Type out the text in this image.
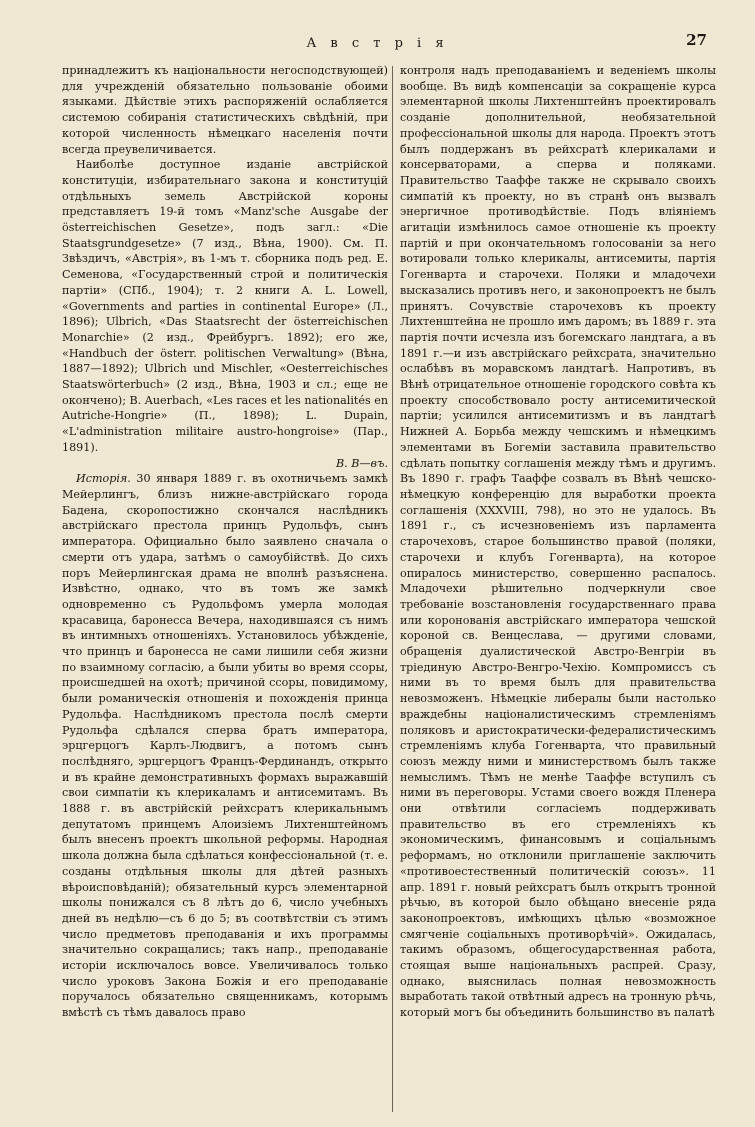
А в с т р і я	27

принадлежитъ къ національности негосподствующей) для учрежденій обязательно пользованіе обоими языками. Дѣйствіе этихъ распоряженій ослабляется системою собиранія статистическихъ свѣдѣній, при которой численность нѣмецкаго населенія почти всегда преувеличивается.

Наиболѣе доступное изданіе австрійской конституціи, избирательнаго закона и конституцій отдѣльныхъ земель Австрійской короны представляетъ 19-й томъ «Manz'sche Ausgabe der österreichischen Gesetze», подъ загл.: «Die Staatsgrundgesetze» (7 изд., Вѣна, 1900). См. П. Звѣздичъ, «Австрія», въ 1-мъ т. сборника подъ ред. Е. Семенова, «Государственный строй и политическія партіи» (СПб., 1904); т. 2 книги A. L. Lowell, «Governments and parties in continental Europe» (Л., 1896); Ulbrich, «Das Staatsrecht der österreichischen Monarchie» (2 изд., Фрейбургъ. 1892); его же, «Handbuch der österr. politischen Verwaltung» (Вѣна, 1887—1892); Ulbrich und Mischler, «Oesterreichisches Staatswörterbuch» (2 изд., Вѣна, 1903 и сл.; еще не окончено); B. Auerbach, «Les races et les nationalités en Autriche-Hongrie» (П., 1898); L. Dupain, «L'administration militaire austro-hongroise» (Пар., 1891).

В. В—въ.

Исторія. 30 января 1889 г. въ охотничьемъ замкѣ Мейерлингъ, близъ нижне-австрійскаго города Бадена, скоропостижно скончался наслѣдникъ австрійскаго престола принцъ Рудольфъ, сынъ императора. Официально было заявлено сначала о смерти отъ удара, затѣмъ о самоубійствѣ. До сихъ поръ Мейерлингская драма не вполнѣ разъяснена. Извѣстно, однако, что въ томъ же замкѣ одновременно съ Рудольфомъ умерла молодая красавица, баронесса Вечера, находившаяся съ нимъ въ интимныхъ отношеніяхъ. Установилось убѣжденіе, что принцъ и баронесса не сами лишили себя жизни по взаимному согласію, а были убиты во время ссоры, происшедшей на охотѣ; причиной ссоры, повидимому, были романическія отношенія и похожденія принца Рудольфа. Наслѣдникомъ престола послѣ смерти Рудольфа сдѣлался сперва братъ императора, эрцгерцогъ Карлъ-Людвигъ, а потомъ сынъ послѣдняго, эрцгерцогъ Францъ-Фердинандъ, открыто и въ крайне демонстративныхъ формахъ выражавшій свои симпатіи къ клерикаламъ и антисемитамъ. Въ 1888 г. въ австрійскій рейхсратъ клерикальнымъ депутатомъ принцемъ Алоизіемъ Лихтенштейномъ былъ внесенъ проектъ школьной реформы. Народная школа должна была сдѣлаться конфессіональной (т. е. созданы отдѣльныя школы для дѣтей разныхъ вѣроисповѣданій); обязательный курсъ элементарной школы понижался съ 8 лѣтъ до 6, число учебныхъ дней въ недѣлю—съ 6 до 5; въ соотвѣтствіи съ этимъ число предметовъ преподаванія и ихъ программы значительно сокращались; такъ напр., преподаваніе исторіи исключалось вовсе. Увеличивалось только число уроковъ Закона Божія и его преподаваніе поручалось обязательно священникамъ, которымъ вмѣстѣ съ тѣмъ давалось право

контроля надъ преподаваніемъ и веденіемъ школы вообще. Въ видѣ компенсаціи за сокращеніе курса элементарной школы Лихтенштейнъ проектировалъ созданіе дополнительной, необязательной профессіональной школы для народа. Проектъ этотъ былъ поддержанъ въ рейхсратѣ клерикалами и консерваторами, а сперва и поляками. Правительство Тааффе также не скрывало своихъ симпатій къ проекту, но въ странѣ онъ вызвалъ энергичное противодѣйствіе. Подъ вліяніемъ агитаціи измѣнилось самое отношеніе къ проекту партій и при окончательномъ голосованіи за него вотировали только клерикалы, антисемиты, партія Гогенварта и старочехи. Поляки и младочехи высказались противъ него, и законопроектъ не былъ принятъ. Сочувствіе старочеховъ къ проекту Лихтенштейна не прошло имъ даромъ; въ 1889 г. эта партія почти исчезла изъ богемскаго ландтага, а въ 1891 г.—и изъ австрійскаго рейхсрата, значительно ослабѣвъ въ моравскомъ ландтагѣ. Напротивъ, въ Вѣнѣ отрицательное отношеніе городского совѣта къ проекту способствовало росту антисемитической партіи; усилился антисемитизмъ и въ ландтагѣ Нижней А. Борьба между чешскимъ и нѣмецкимъ элементами въ Богеміи заставила правительство сдѣлать попытку соглашенія между тѣмъ и другимъ. Въ 1890 г. графъ Тааффе созвалъ въ Вѣнѣ чешско-нѣмецкую конференцію для выработки проекта соглашенія (XXXVIII, 798), но это не удалось. Въ 1891 г., съ исчезновеніемъ изъ парламента старочеховъ, старое большинство правой (поляки, старочехи и клубъ Гогенварта), на которое опиралось министерство, совершенно распалось. Младочехи рѣшительно подчеркнули свое требованіе возстановленія государственнаго права или коронованія австрійскаго императора чешской короной св. Венцеслава, — другими словами, обращенія дуалистической Австро-Венгріи въ тріединую Австро-Венгро-Чехію. Компромиссъ съ ними въ то время былъ для правительства невозможенъ. Нѣмецкіе либералы были настолько враждебны націоналистическимъ стремленіямъ поляковъ и аристократически-федералистическимъ стремленіямъ клуба Гогенварта, что правильный союзъ между ними и министерствомъ былъ также немыслимъ. Тѣмъ не менѣе Тааффе вступилъ съ ними въ переговоры. Устами своего вождя Пленера они отвѣтили согласіемъ поддерживать правительство въ его стремленіяхъ къ экономическимъ, финансовымъ и соціальнымъ реформамъ, но отклонили приглашеніе заключить «противоестественный политическій союзъ». 11 апр. 1891 г. новый рейхсратъ былъ открытъ тронной рѣчью, въ которой было обѣщано внесеніе ряда законопроектовъ, имѣющихъ цѣлью «возможное смягченіе соціальныхъ противорѣчій». Ожидалась, такимъ образомъ, общегосударственная работа, стоящая выше національныхъ распрей. Сразу, однако, выяснилась полная невозможность выработать такой отвѣтный адресъ на тронную рѣчь, который могъ бы объединить большинство въ палатѣ
